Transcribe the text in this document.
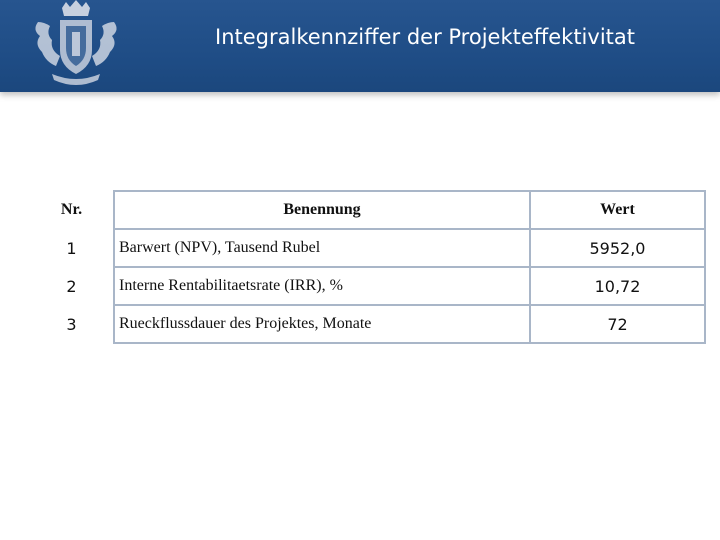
Integralkennziffer der Projekteffektivitat
Nr.	Benennung	Wert
1	Barwert (NPV), Tausend Rubel	5952,0
2	Interne Rentabilitaetsrate (IRR), %	10,72
3	Rueckflussdauer des Projektes, Monate	72
